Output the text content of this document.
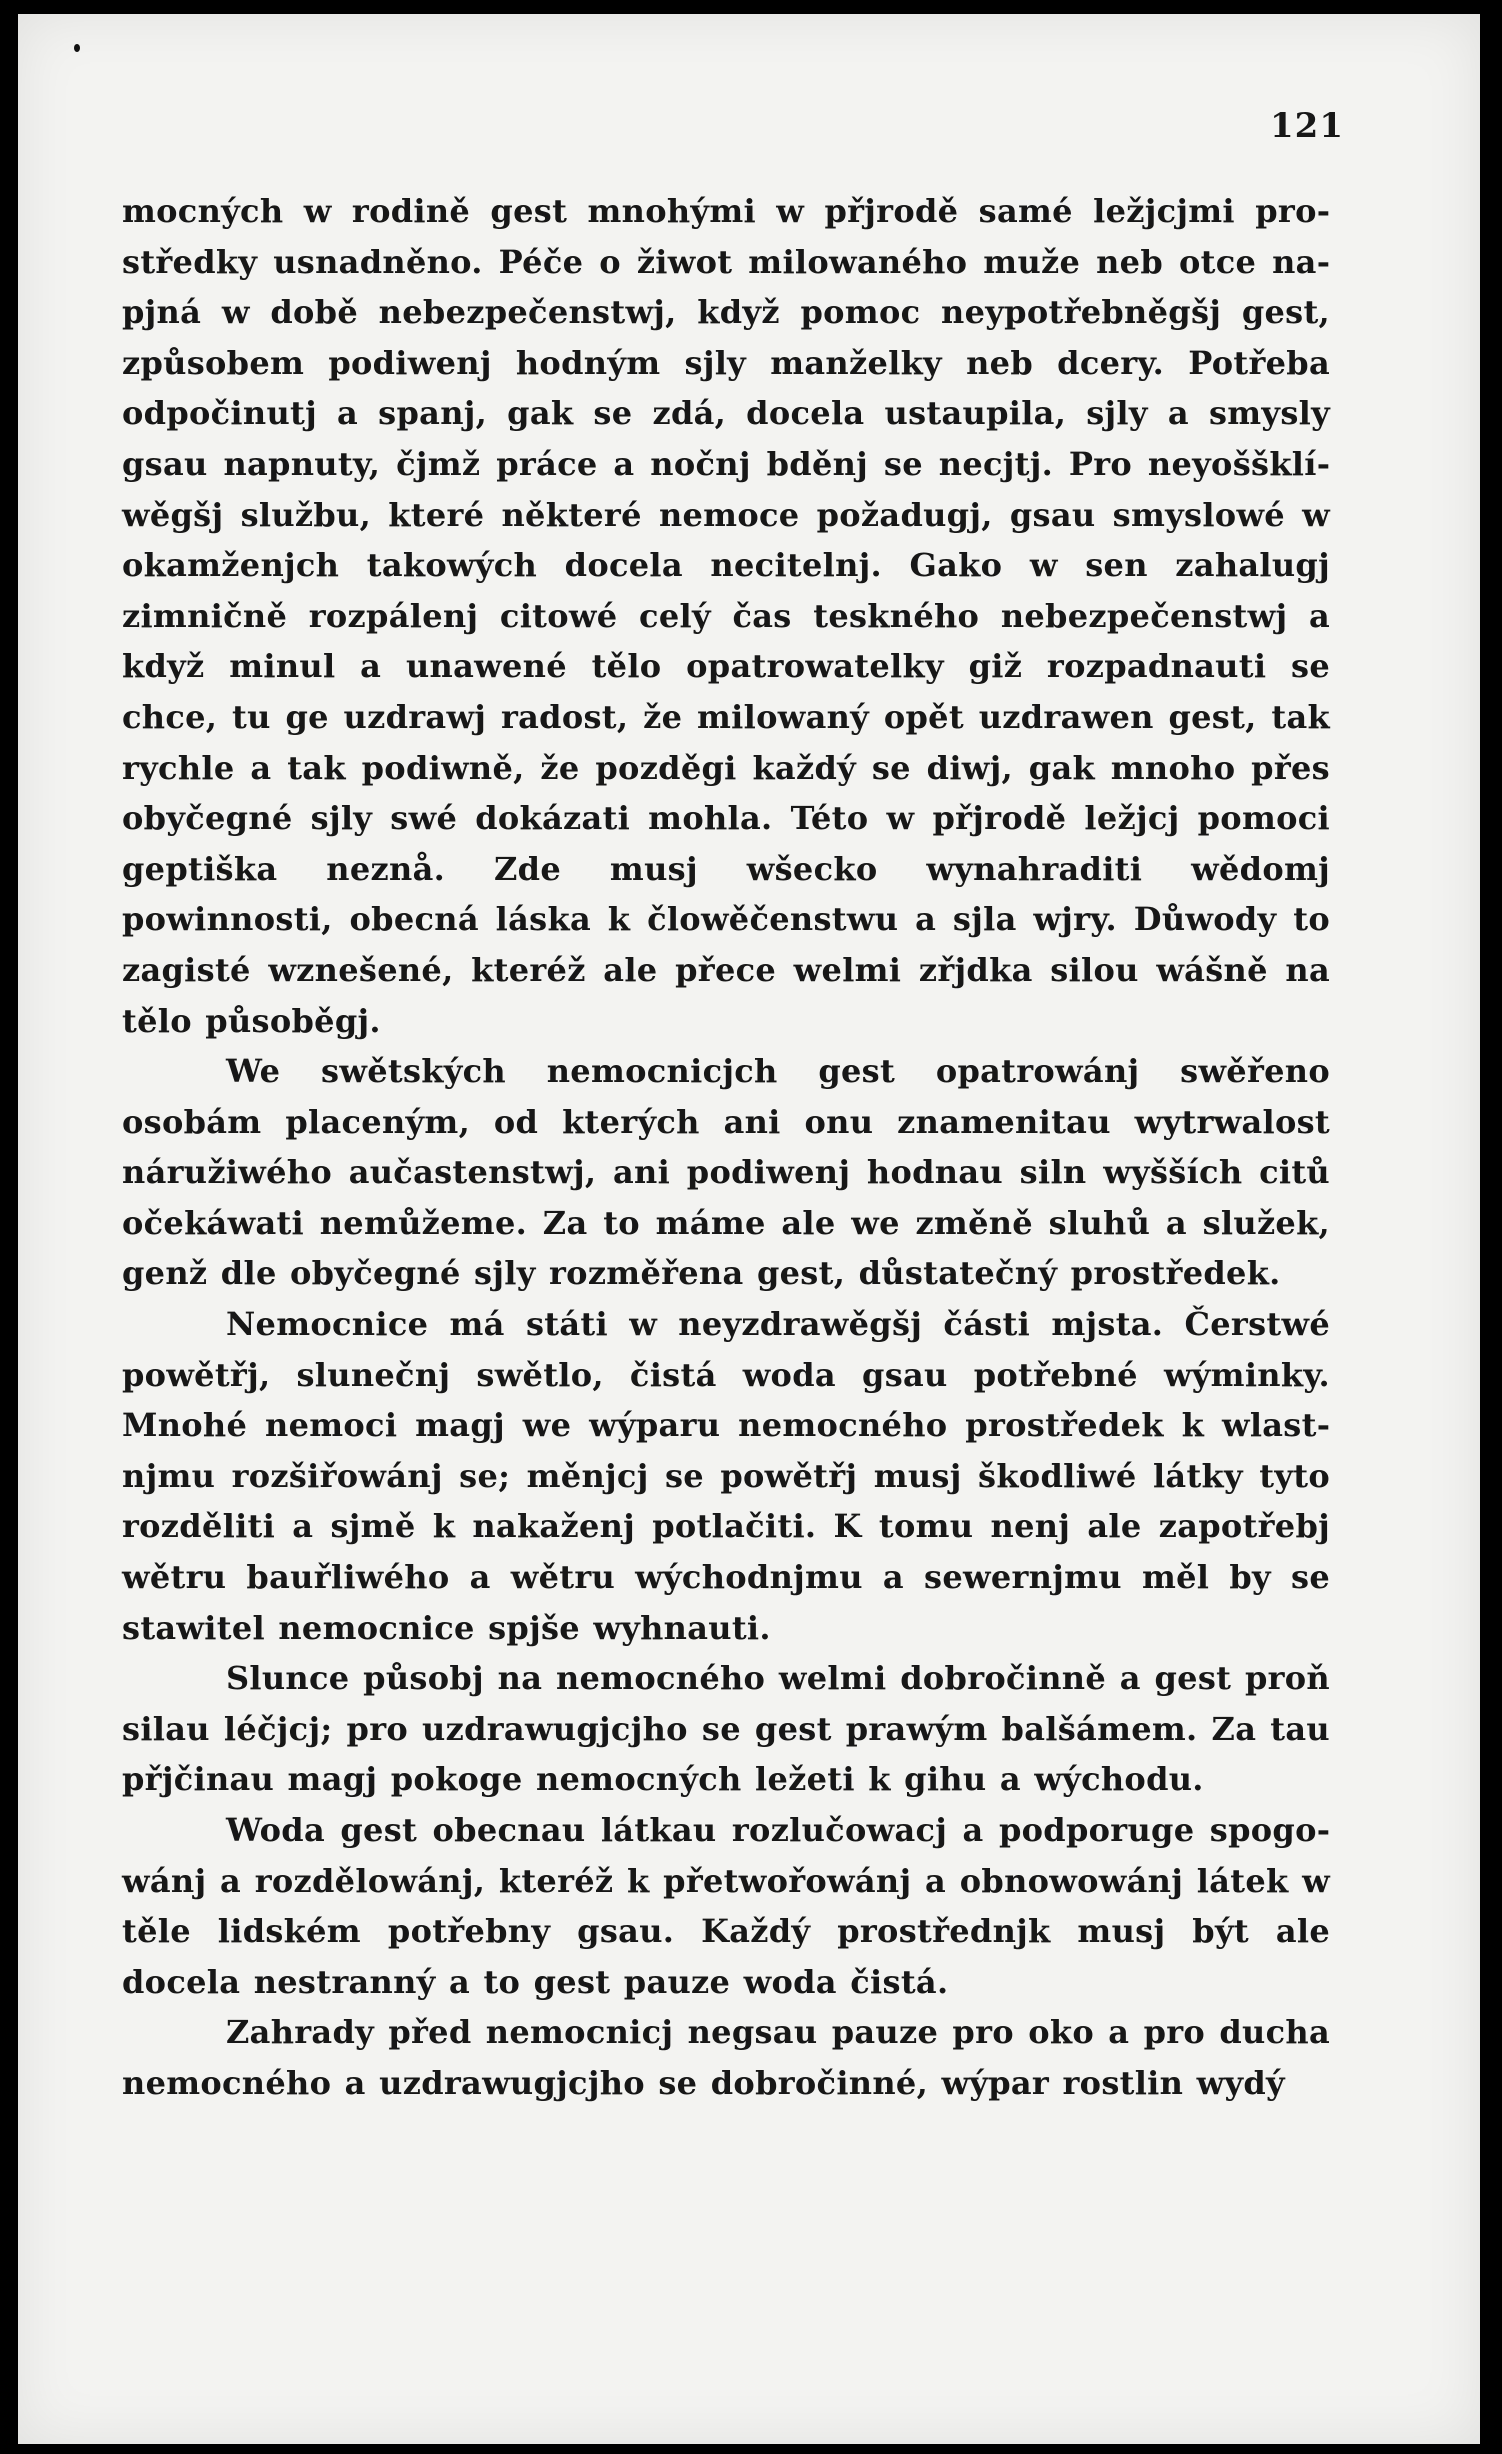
121

mocných w rodině gest mnohými w přjrodě samé ležjcjmi prostředky usnadněno. Péče o žiwot milowaného muže neb otce napjná w době nebezpečenstwj, když pomoc neypotřebněgšj gest, způsobem podiwenj hodným sjly manželky neb dcery. Potřeba odpočinutj a spanj, gak se zdá, docela ustaupila, sjly a smysly gsau napnuty, čjmž práce a nočnj bděnj se necjtj. Pro neyoššklíwěgšj službu, které některé nemoce požadugj, gsau smyslowé w okamženjch takowých docela necitelnj. Gako w sen zahalugj zimničně rozpálenj citowé celý čas teskného nebezpečenstwj a když minul a unawené tělo opatrowatelky giž rozpadnauti se chce, tu ge uzdrawj radost, že milowaný opět uzdrawen gest, tak rychle a tak podiwně, že pozděgi každý se diwj, gak mnoho přes obyčegné sjly swé dokázati mohla. Této w přjrodě ležjcj pomoci geptiška neznå. Zde musj wšecko wynahraditi wědomj powinnosti, obecná láska k člowěčenstwu a sjla wjry. Důwody to zagisté wznešené, kteréž ale přece welmi zřjdka silou wášně na tělo působěgj.

We swětských nemocnicjch gest opatrowánj swěřeno osobám placeným, od kterých ani onu znamenitau wytrwalost náružiwého aučastenstwj, ani podiwenj hodnau siln wyšších citů očekáwati nemůžeme. Za to máme ale we změně sluhů a služek, genž dle obyčegné sjly rozměřena gest, důstatečný prostředek.

Nemocnice má státi w neyzdrawěgšj části mjsta. Čerstwé powětřj, slunečnj swětlo, čistá woda gsau potřebné wýminky. Mnohé nemoci magj we wýparu nemocného prostředek k wlastnjmu rozšiřowánj se; měnjcj se powětřj musj škodliwé látky tyto rozděliti a sjmě k nakaženj potlačiti. K tomu nenj ale zapotřebj wětru bauřliwého a wětru wýchodnjmu a sewernjmu měl by se stawitel nemocnice spjše wyhnauti.

Slunce působj na nemocného welmi dobročinně a gest proň silau léčjcj; pro uzdrawugjcjho se gest prawým balšámem. Za tau přjčinau magj pokoge nemocných ležeti k gihu a wýchodu.

Woda gest obecnau látkau rozlučowacj a podporuge spogowánj a rozdělowánj, kteréž k přetwořowánj a obnowowánj látek w těle lidském potřebny gsau. Každý prostřednjk musj být ale docela nestranný a to gest pauze woda čistá.

Zahrady před nemocnicj negsau pauze pro oko a pro ducha nemocného a uzdrawugjcjho se dobročinné, wýpar rostlin wydý
